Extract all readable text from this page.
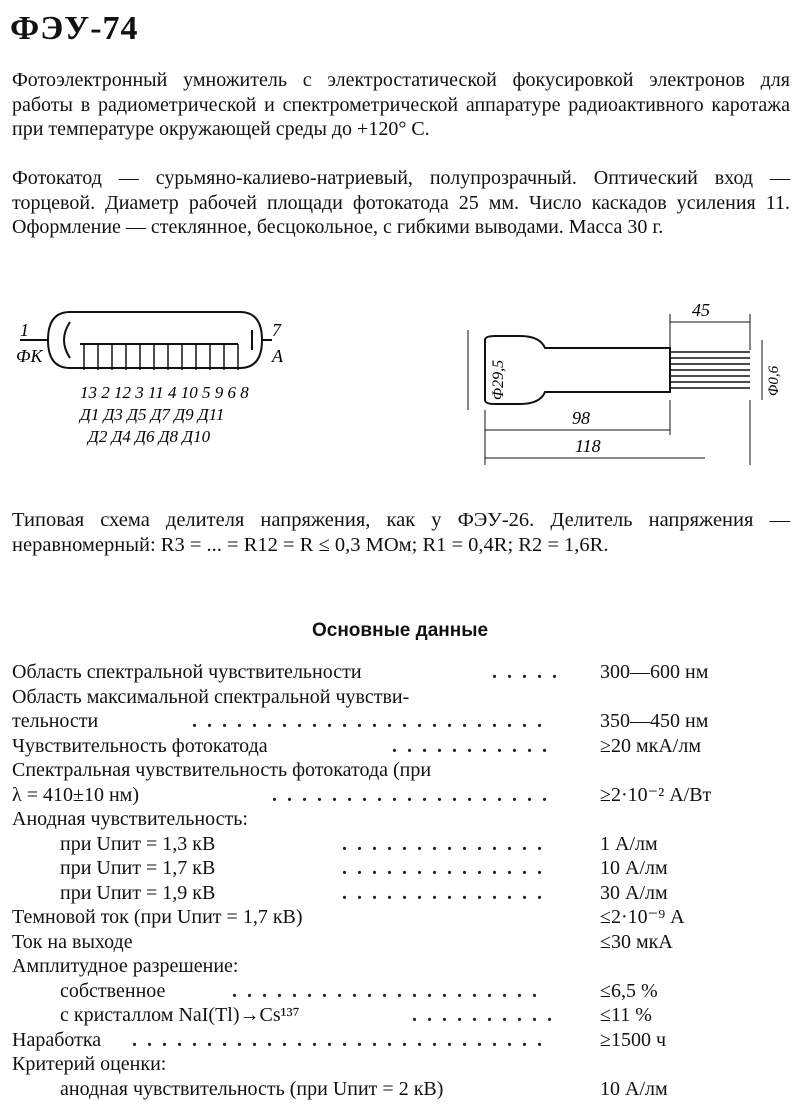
ФЭУ-74
Фотоэлектронный умножитель с электростатической фокусировкой электронов для работы в радиометрической и спектрометрической аппаратуре радиоактивного каротажа при температуре окружающей среды до +120° С.
Фотокатод — сурьмяно-калиево-натриевый, полупрозрачный. Оптический вход — торцевой. Диаметр рабочей площади фотокатода 25 мм. Число каскадов усиления 11. Оформление — стеклянное, бесцокольное, с гибкими выводами. Масса 30 г.
1
ФК
7
А
13 2 12 3 11 4 10 5 9 6 8
Д1 Д3 Д5 Д7 Д9 Д11
Д2 Д4 Д6 Д8 Д10
Φ29,5
98
118
45
Φ0,6
Типовая схема делителя напряжения, как у ФЭУ-26. Делитель напряжения — неравномерный: R3 = ... = R12 = R ≤ 0,3 МОм; R1 = 0,4R; R2 = 1,6R.
Основные данные
Область спектральной чувствительности	.....	300—600 нм
Область максимальной спектральной чувстви-
тельности	........................	350—450 нм
Чувствительность фотокатода	...........	≥20 мкА/лм
Спектральная чувствительность фотокатода (при
λ = 410±10 нм)	...................	≥2·10⁻² А/Вт
Анодная чувствительность:
при Uпит = 1,3 кВ	..............	1 А/лм
при Uпит = 1,7 кВ	..............	10 А/лм
при Uпит = 1,9 кВ	..............	30 А/лм
Темновой ток (при Uпит = 1,7 кВ)	≤2·10⁻⁹ А
Ток на выходе	≤30 мкА
Амплитудное разрешение:
собственное	.....................	≤6,5 %
с кристаллом NaI(Tl)→Cs¹³⁷	..........	≤11 %
Наработка ............................	≥1500 ч
Критерий оценки:
анодная чувствительность (при Uпит = 2 кВ)	10 А/лм
